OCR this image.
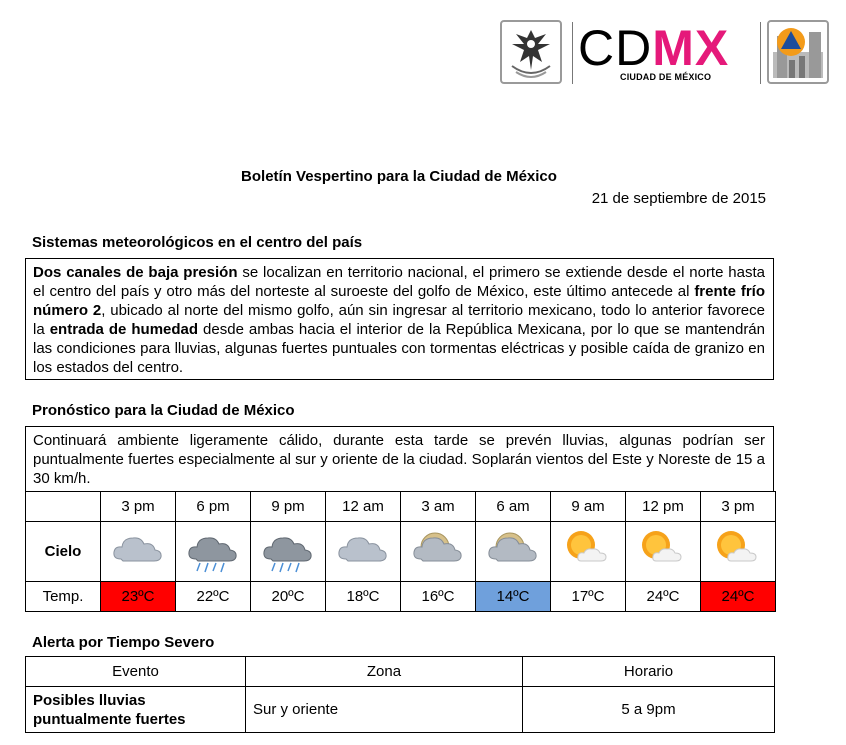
CDMX
CIUDAD DE MÉXICO
Boletín Vespertino para la Ciudad de México
21 de septiembre de 2015
Sistemas meteorológicos en el centro del país

Dos canales de baja presión se localizan en territorio nacional, el primero se extiende desde el norte hasta el centro del país y otro más del norteste al suroeste del golfo de México, este último antecede al frente frío número 2, ubicado al norte del mismo golfo, aún sin ingresar al territorio mexicano, todo lo anterior favorece la entrada de humedad desde ambas hacia el interior de la República Mexicana, por lo que se mantendrán las condiciones para lluvias, algunas fuertes puntuales con tormentas eléctricas y posible caída de granizo en los estados del centro.

Pronóstico para la Ciudad de México

Continuará ambiente ligeramente cálido, durante esta tarde se prevén lluvias, algunas podrían ser puntualmente fuertes especialmente al sur y oriente de la ciudad. Soplarán vientos del Este y Noreste de 15 a 30 km/h.

	3 pm	6 pm	9 pm	12 am	3 am	6 am	9 am	12 pm	3 pm
Cielo									
Temp.	23ºC	22ºC	20ºC	18ºC	16ºC	14ºC	17ºC	24ºC	24ºC
Alerta por Tiempo Severo
Evento	Zona	Horario
Posibles lluvias puntualmente fuertes	Sur y oriente	5 a 9pm
